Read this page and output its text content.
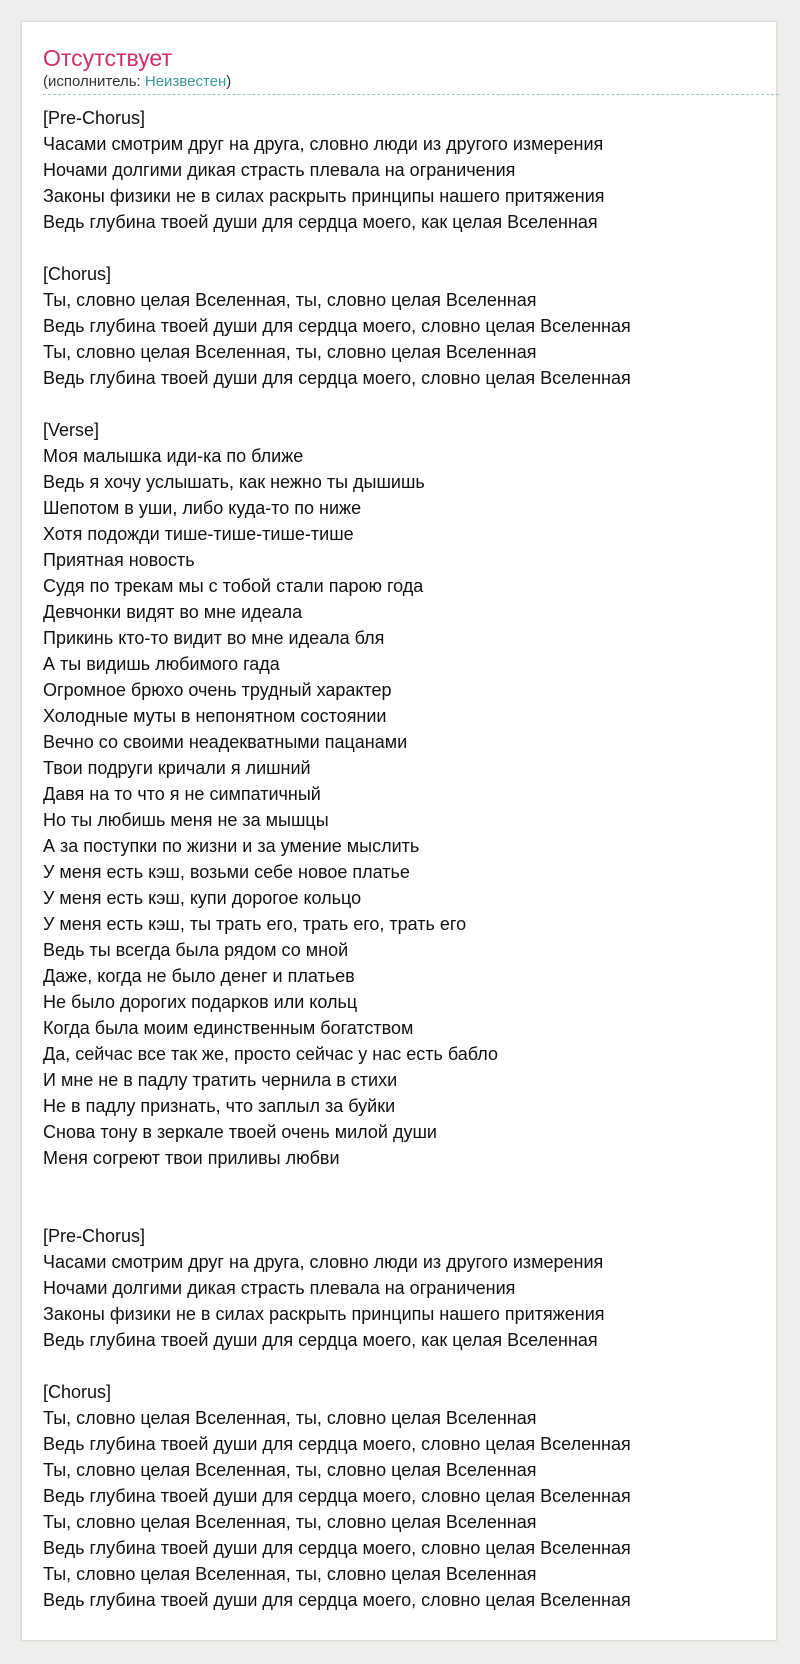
Отсутствует
(исполнитель: Неизвестен)
[Pre-Chorus]
Часами смотрим друг на друга, словно люди из другого измерения
Ночами долгими дикая страсть плевала на ограничения
Законы физики не в силах раскрыть принципы нашего притяжения
Ведь глубина твоей души для сердца моего, как целая Вселенная

[Chorus]
Ты, словно целая Вселенная, ты, словно целая Вселенная
Ведь глубина твоей души для сердца моего, словно целая Вселенная
Ты, словно целая Вселенная, ты, словно целая Вселенная
Ведь глубина твоей души для сердца моего, словно целая Вселенная

[Verse]
Моя малышка иди-ка по ближе
Ведь я хочу услышать, как нежно ты дышишь
Шепотом в уши, либо куда-то по ниже
Хотя подожди тише-тише-тише-тише
Приятная новость
Судя по трекам мы с тобой стали парою года
Девчонки видят во мне идеала
Прикинь кто-то видит во мне идеала бля
А ты видишь любимого гада
Огромное брюхо очень трудный характер
Холодные муты в непонятном состоянии
Вечно со своими неадекватными пацанами
Твои подруги кричали я лишний
Давя на то что я не симпатичный
Но ты любишь меня не за мышцы
А за поступки по жизни и за умение мыслить
У меня есть кэш, возьми себе новое платье
У меня есть кэш, купи дорогое кольцо
У меня есть кэш, ты трать его, трать его, трать его
Ведь ты всегда была рядом со мной
Даже, когда не было денег и платьев
Не было дорогих подарков или кольц
Когда была моим единственным богатством
Да, сейчас все так же, просто сейчас у нас есть бабло
И мне не в падлу тратить чернила в стихи
Не в падлу признать, что заплыл за буйки
Снова тону в зеркале твоей очень милой души
Меня согреют твои приливы любви

[Pre-Chorus]
Часами смотрим друг на друга, словно люди из другого измерения
Ночами долгими дикая страсть плевала на ограничения
Законы физики не в силах раскрыть принципы нашего притяжения
Ведь глубина твоей души для сердца моего, как целая Вселенная

[Chorus]
Ты, словно целая Вселенная, ты, словно целая Вселенная
Ведь глубина твоей души для сердца моего, словно целая Вселенная
Ты, словно целая Вселенная, ты, словно целая Вселенная
Ведь глубина твоей души для сердца моего, словно целая Вселенная
Ты, словно целая Вселенная, ты, словно целая Вселенная
Ведь глубина твоей души для сердца моего, словно целая Вселенная
Ты, словно целая Вселенная, ты, словно целая Вселенная
Ведь глубина твоей души для сердца моего, словно целая Вселенная
